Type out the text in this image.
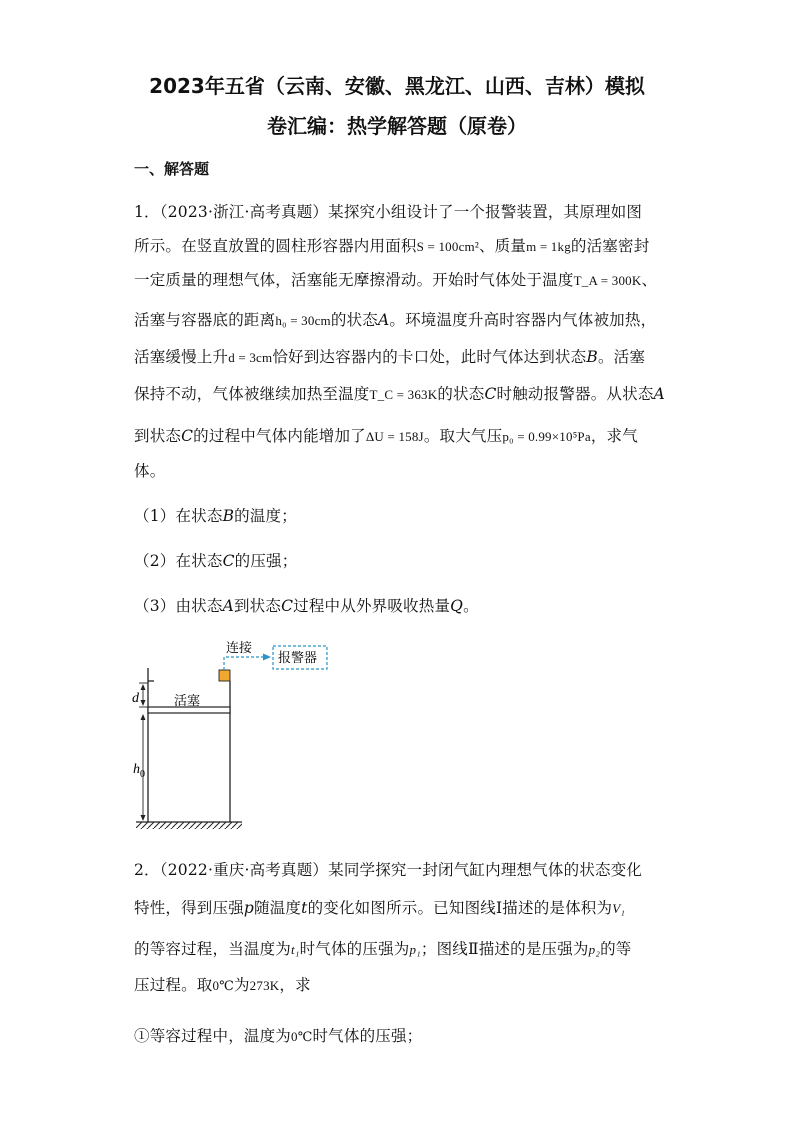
2023年五省（云南、安徽、黑龙江、山西、吉林）模拟
卷汇编：热学解答题（原卷）
一、解答题
1．（2023·浙江·高考真题）某探究小组设计了一个报警装置，其原理如图
所示。在竖直放置的圆柱形容器内用面积S = 100cm²、质量m = 1kg的活塞密封
一定质量的理想气体，活塞能无摩擦滑动。开始时气体处于温度T_A = 300K、
活塞与容器底的距离h₀ = 30cm的状态A。环境温度升高时容器内气体被加热，
活塞缓慢上升d = 3cm恰好到达容器内的卡口处，此时气体达到状态B。活塞
保持不动，气体被继续加热至温度T_C = 363K的状态C时触动报警器。从状态A
到状态C的过程中气体内能增加了ΔU = 158J。取大气压p₀ = 0.99×10⁵Pa，求气
体。
（1）在状态B的温度；
（2）在状态C的压强；
（3）由状态A到状态C过程中从外界吸收热量Q。
d
$h_0$
活塞
连接
报警器
2．（2022·重庆·高考真题）某同学探究一封闭气缸内理想气体的状态变化
特性，得到压强p随温度t的变化如图所示。已知图线Ⅰ描述的是体积为V₁
的等容过程，当温度为t₁时气体的压强为p₁；图线Ⅱ描述的是压强为p₂的等
压过程。取0℃为273K，求
①等容过程中，温度为0℃时气体的压强；
